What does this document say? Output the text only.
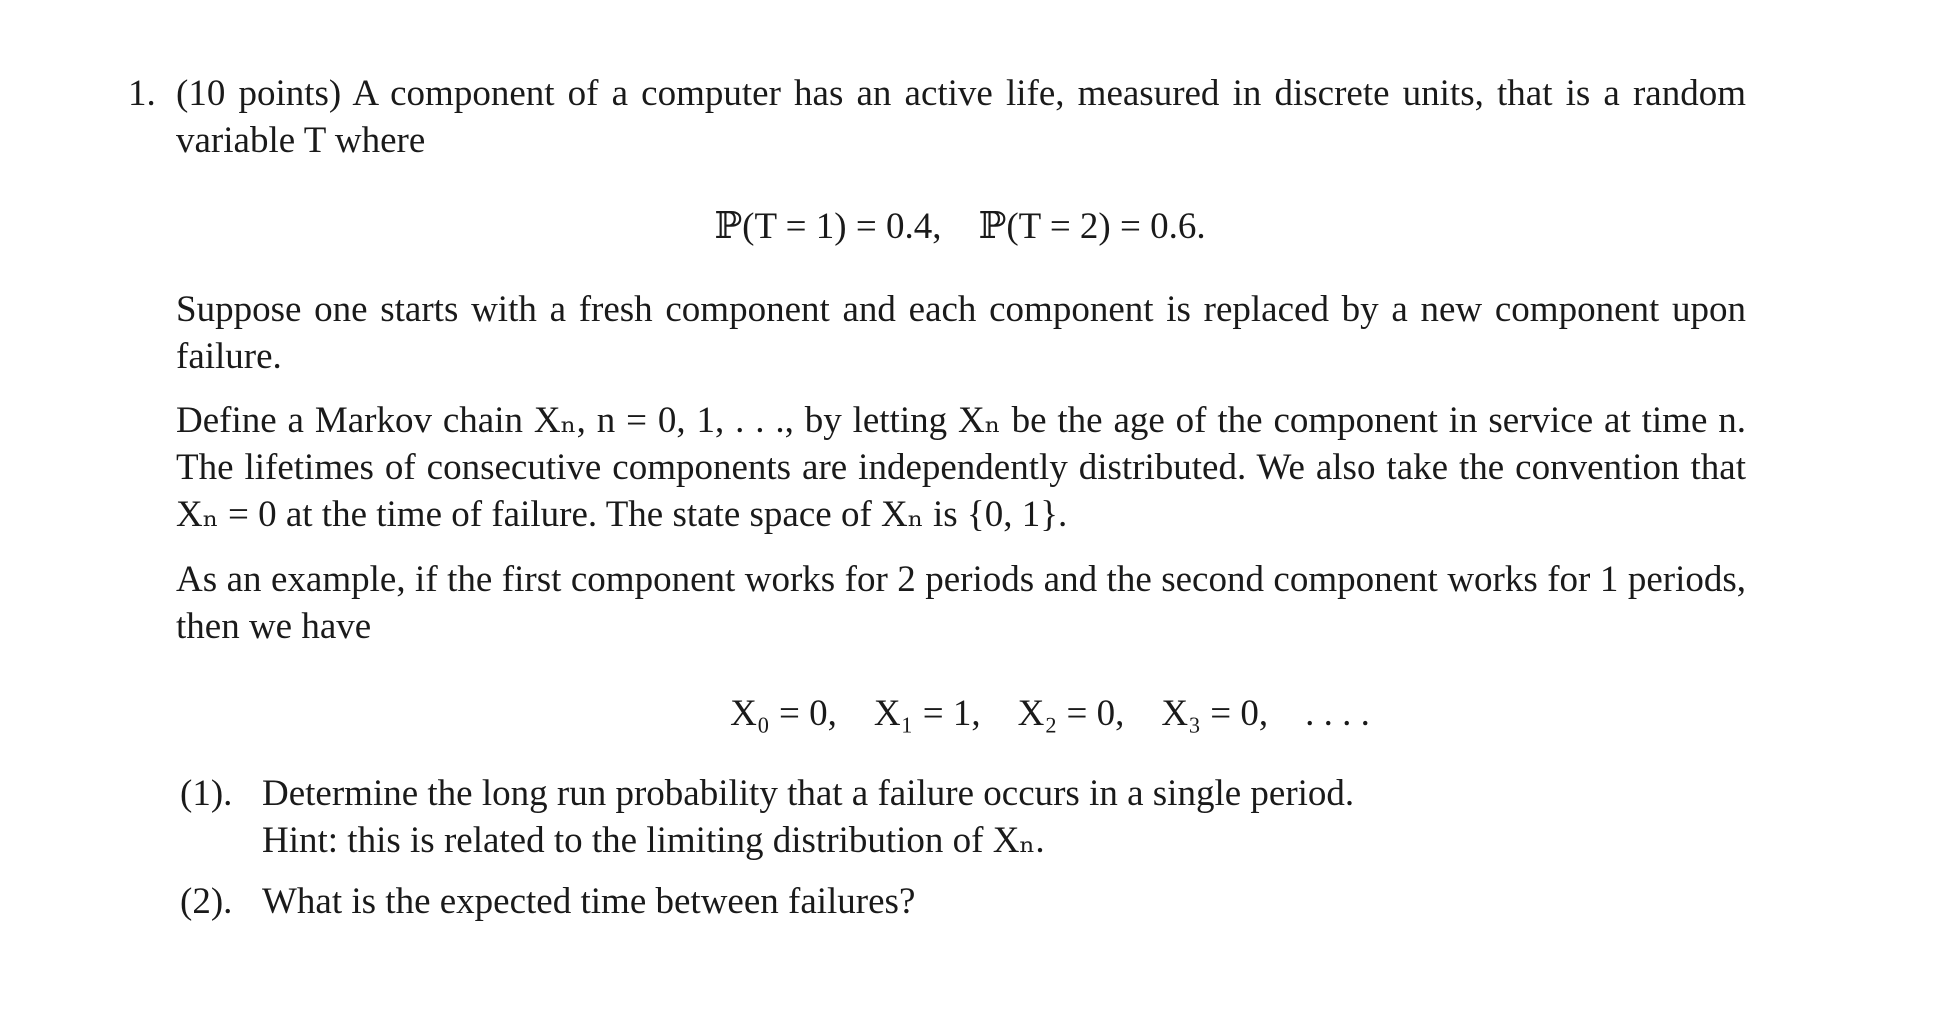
1. (10 points) A component of a computer has an active life, measured in discrete units, that is a random variable T where
ℙ(T = 1) = 0.4,    ℙ(T = 2) = 0.6.
Suppose one starts with a fresh component and each component is replaced by a new component upon failure.
Define a Markov chain Xₙ, n = 0, 1, . . ., by letting Xₙ be the age of the component in service at time n. The lifetimes of consecutive components are independently distributed. We also take the convention that Xₙ = 0 at the time of failure. The state space of Xₙ is {0, 1}.
As an example, if the first component works for 2 periods and the second component works for 1 periods, then we have
X₀ = 0,    X₁ = 1,    X₂ = 0,    X₃ = 0,    . . . .
(1). Determine the long run probability that a failure occurs in a single period.
Hint: this is related to the limiting distribution of Xₙ.
(2). What is the expected time between failures?
